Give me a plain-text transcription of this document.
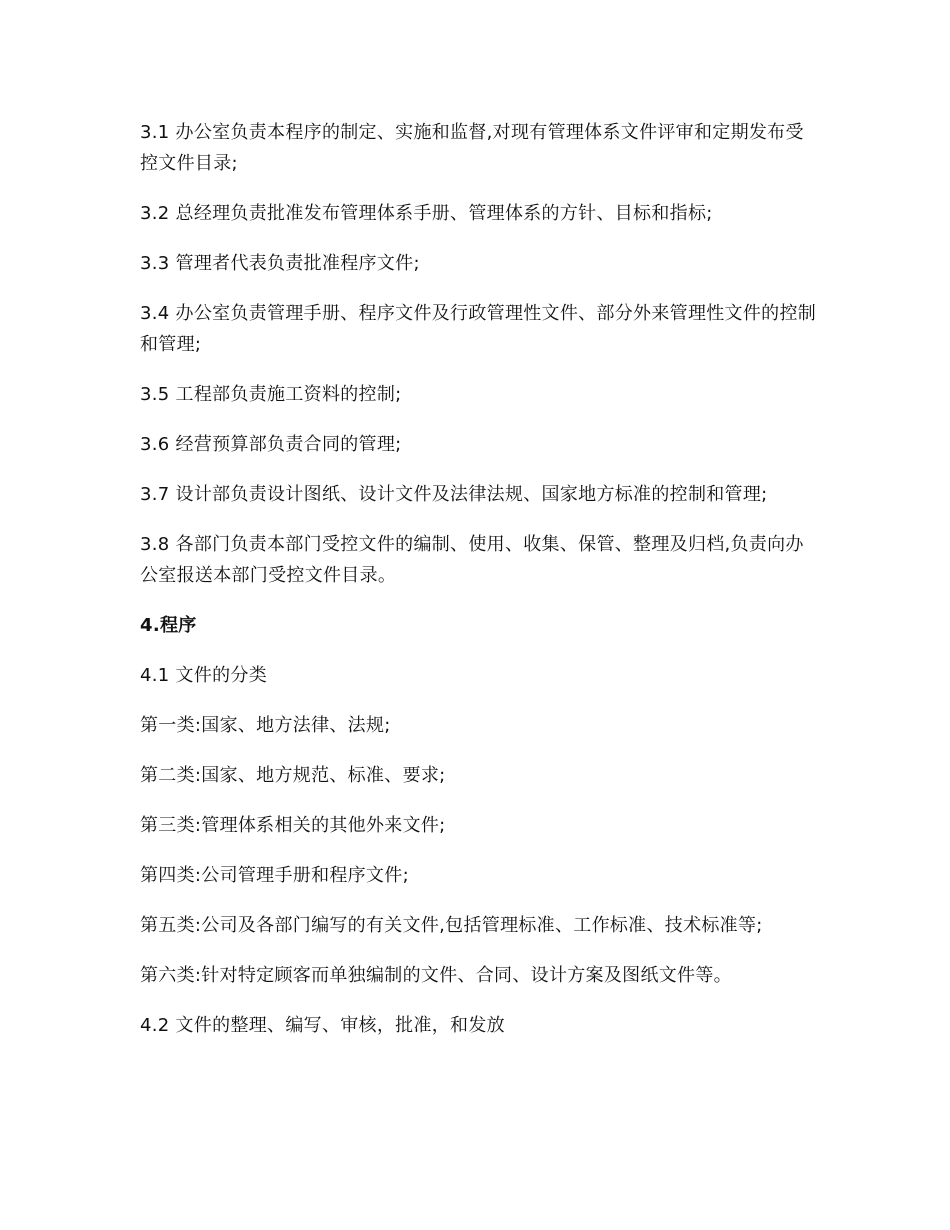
3.1 办公室负责本程序的制定、实施和监督,对现有管理体系文件评审和定期发布受控文件目录;

3.2 总经理负责批准发布管理体系手册、管理体系的方针、目标和指标;

3.3 管理者代表负责批准程序文件;

3.4 办公室负责管理手册、程序文件及行政管理性文件、部分外来管理性文件的控制和管理;

3.5 工程部负责施工资料的控制;

3.6 经营预算部负责合同的管理;

3.7 设计部负责设计图纸、设计文件及法律法规、国家地方标准的控制和管理;

3.8 各部门负责本部门受控文件的编制、使用、收集、保管、整理及归档,负责向办公室报送本部门受控文件目录。

4.程序

4.1 文件的分类

第一类:国家、地方法律、法规;

第二类:国家、地方规范、标准、要求;

第三类:管理体系相关的其他外来文件;

第四类:公司管理手册和程序文件;

第五类:公司及各部门编写的有关文件,包括管理标准、工作标准、技术标准等;

第六类:针对特定顾客而单独编制的文件、合同、设计方案及图纸文件等。

4.2 文件的整理、编写、审核，批准，和发放
